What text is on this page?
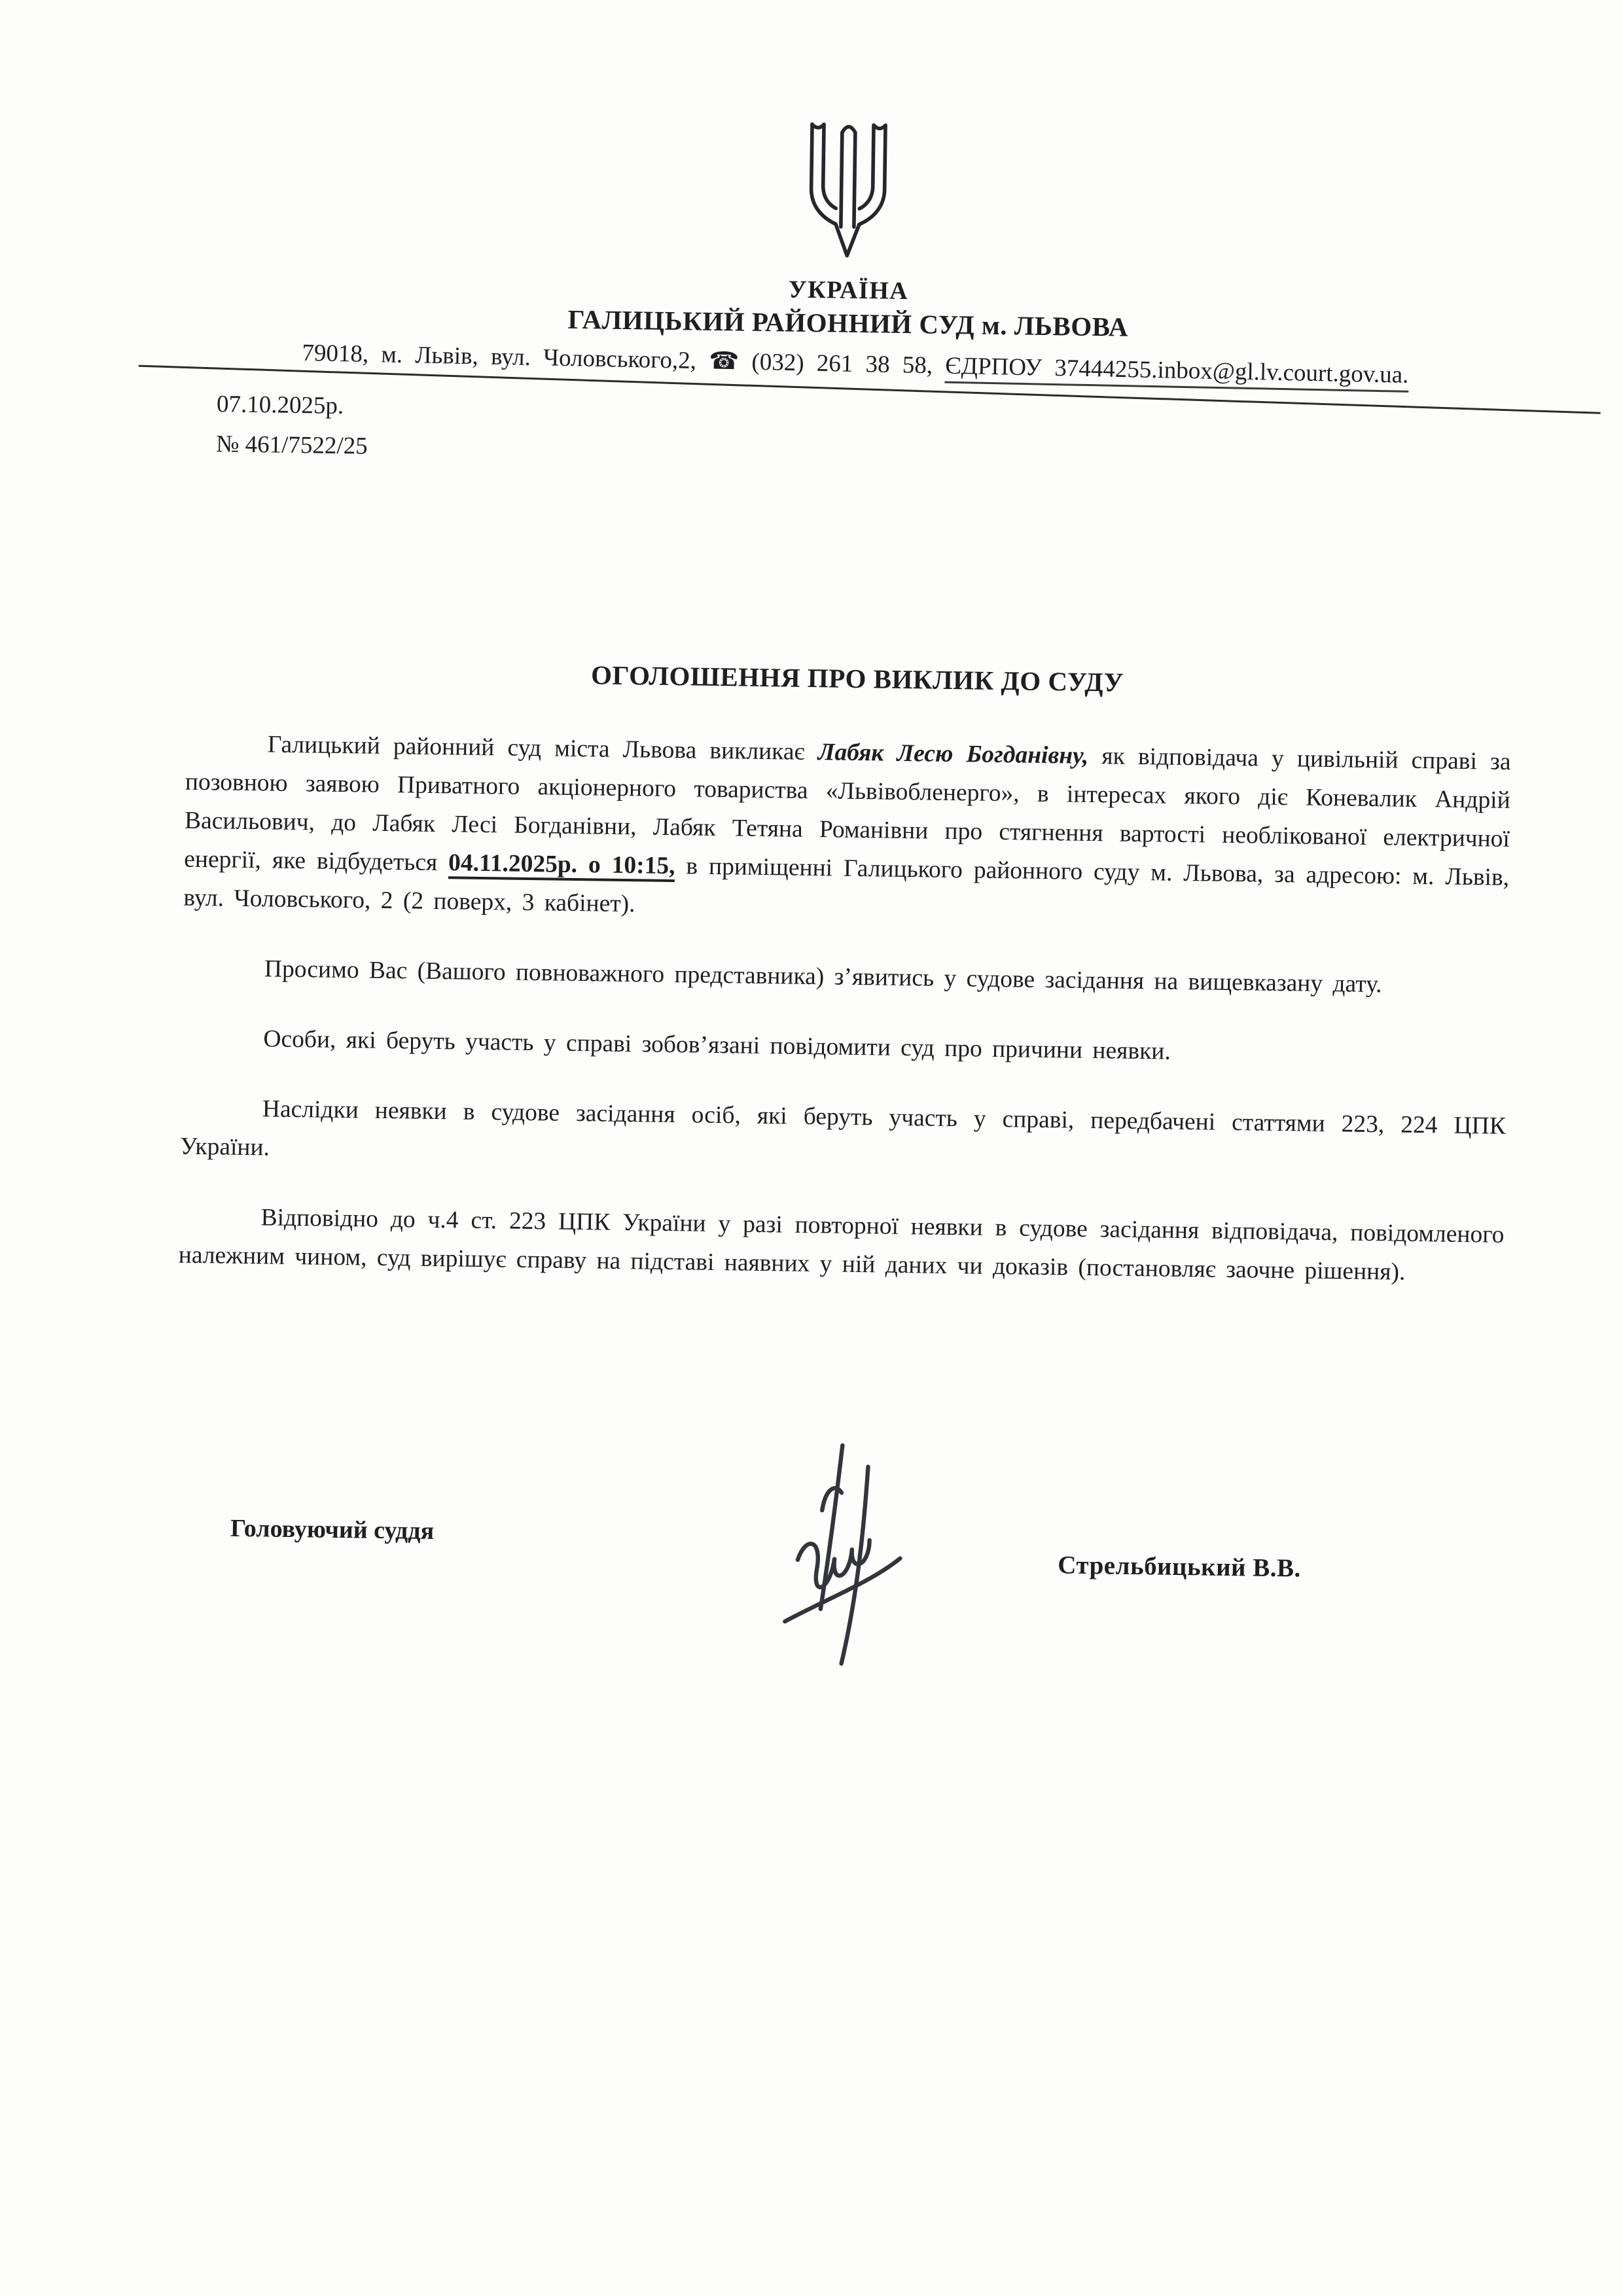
УКРАЇНА
ГАЛИЦЬКИЙ РАЙОННИЙ СУД м. ЛЬВОВА
79018, м. Львів, вул. Чоловського,2, ☎ (032) 261 38 58, ЄДРПОУ 37444255.inbox@gl.lv.court.gov.ua.
07.10.2025р.
№ 461/7522/25
ОГОЛОШЕННЯ ПРО ВИКЛИК ДО СУДУ

Галицький районний суд міста Львова викликає Лабяк Лесю Богданівну, як відповідача у цивільній справі за позовною заявою Приватного акціонерного товариства «Львівобленерго», в інтересах якого діє Коневалик Андрій Васильович, до Лабяк Лесі Богданівни, Лабяк Тетяна Романівни про стягнення вартості необлікованої електричної енергії, яке відбудеться 04.11.2025р. о 10:15, в приміщенні Галицького районного суду м. Львова, за адресою: м. Львів, вул. Чоловського, 2 (2 поверх, 3 кабінет).

Просимо Вас (Вашого повноважного представника) з’явитись у судове засідання на вищевказану дату.

Особи, які беруть участь у справі зобов’язані повідомити суд про причини неявки.

Наслідки неявки в судове засідання осіб, які беруть участь у справі, передбачені статтями 223, 224 ЦПК України.

Відповідно до ч.4 ст. 223 ЦПК України у разі повторної неявки в судове засідання відповідача, повідомленого належним чином, суд вирішує справу на підставі наявних у ній даних чи доказів (постановляє заочне рішення).

Головуючий суддя
Стрельбицький В.В.
